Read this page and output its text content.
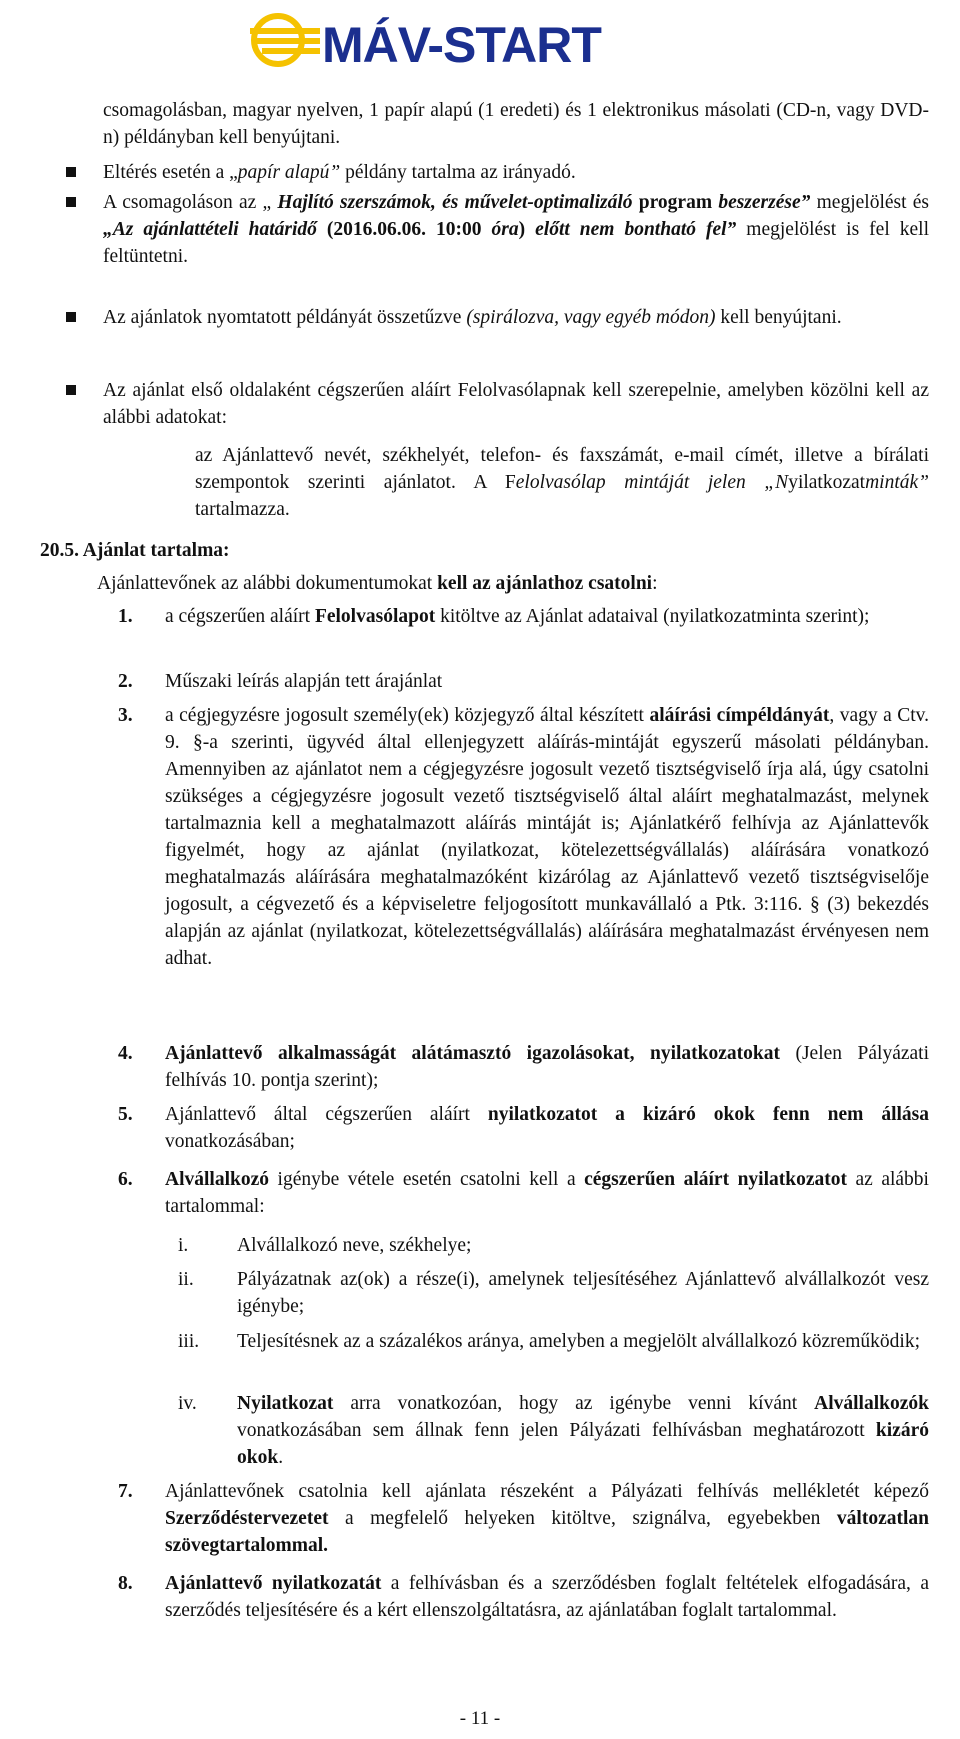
MÁV-START
csomagolásban, magyar nyelven, 1 papír alapú (1 eredeti) és 1 elektronikus másolati (CD-n, vagy DVD-n) példányban kell benyújtani.
Eltérés esetén a „papír alapú” példány tartalma az irányadó.
A csomagoláson az „ Hajlító szerszámok, és művelet-optimalizáló program beszerzése” megjelölést és „Az ajánlattételi határidő (2016.06.06. 10:00 óra) előtt nem bontható fel” megjelölést is fel kell feltüntetni.
Az ajánlatok nyomtatott példányát összetűzve (spirálozva, vagy egyéb módon) kell benyújtani.
Az ajánlat első oldalaként cégszerűen aláírt Felolvasólapnak kell szerepelnie, amelyben közölni kell az alábbi adatokat:
az Ajánlattevő nevét, székhelyét, telefon- és faxszámát, e-mail címét, illetve a bírálati szempontok szerinti ajánlatot. A Felolvasólap mintáját jelen „Nyilatkozatminták” tartalmazza.
20.5. Ajánlat tartalma:
Ajánlattevőnek az alábbi dokumentumokat kell az ajánlathoz csatolni:
1.	a cégszerűen aláírt Felolvasólapot kitöltve az Ajánlat adataival (nyilatkozatminta szerint);
2.	Műszaki leírás alapján tett árajánlat
3.	a cégjegyzésre jogosult személy(ek) közjegyző által készített aláírási címpéldányát, vagy a Ctv. 9. §-a szerinti, ügyvéd által ellenjegyzett aláírás-mintáját egyszerű másolati példányban. Amennyiben az ajánlatot nem a cégjegyzésre jogosult vezető tisztségviselő írja alá, úgy csatolni szükséges a cégjegyzésre jogosult vezető tisztségviselő által aláírt meghatalmazást, melynek tartalmaznia kell a meghatalmazott aláírás mintáját is; Ajánlatkérő felhívja az Ajánlattevők figyelmét, hogy az ajánlat (nyilatkozat, kötelezettségvállalás) aláírására vonatkozó meghatalmazás aláírására meghatalmazóként kizárólag az Ajánlattevő vezető tisztségviselője jogosult, a cégvezető és a képviseletre feljogosított munkavállaló a Ptk. 3:116. § (3) bekezdés alapján az ajánlat (nyilatkozat, kötelezettségvállalás) aláírására meghatalmazást érvényesen nem adhat.
4.	Ajánlattevő alkalmasságát alátámasztó igazolásokat, nyilatkozatokat (Jelen Pályázati felhívás 10. pontja szerint);
5.	Ajánlattevő által cégszerűen aláírt nyilatkozatot a kizáró okok fenn nem állása vonatkozásában;
6.	Alvállalkozó igénybe vétele esetén csatolni kell a cégszerűen aláírt nyilatkozatot az alábbi tartalommal:
i.	Alvállalkozó neve, székhelye;
ii.	Pályázatnak az(ok) a része(i), amelynek teljesítéséhez Ajánlattevő alvállalkozót vesz igénybe;
iii.	Teljesítésnek az a százalékos aránya, amelyben a megjelölt alvállalkozó közreműködik;
iv.	Nyilatkozat arra vonatkozóan, hogy az igénybe venni kívánt Alvállalkozók vonatkozásában sem állnak fenn jelen Pályázati felhívásban meghatározott kizáró okok.
7.	Ajánlattevőnek csatolnia kell ajánlata részeként a Pályázati felhívás mellékletét képező Szerződéstervezetet a megfelelő helyeken kitöltve, szignálva, egyebekben változatlan szövegtartalommal.
8.	Ajánlattevő nyilatkozatát a felhívásban és a szerződésben foglalt feltételek elfogadására, a szerződés teljesítésére és a kért ellenszolgáltatásra, az ajánlatában foglalt tartalommal.
- 11 -
